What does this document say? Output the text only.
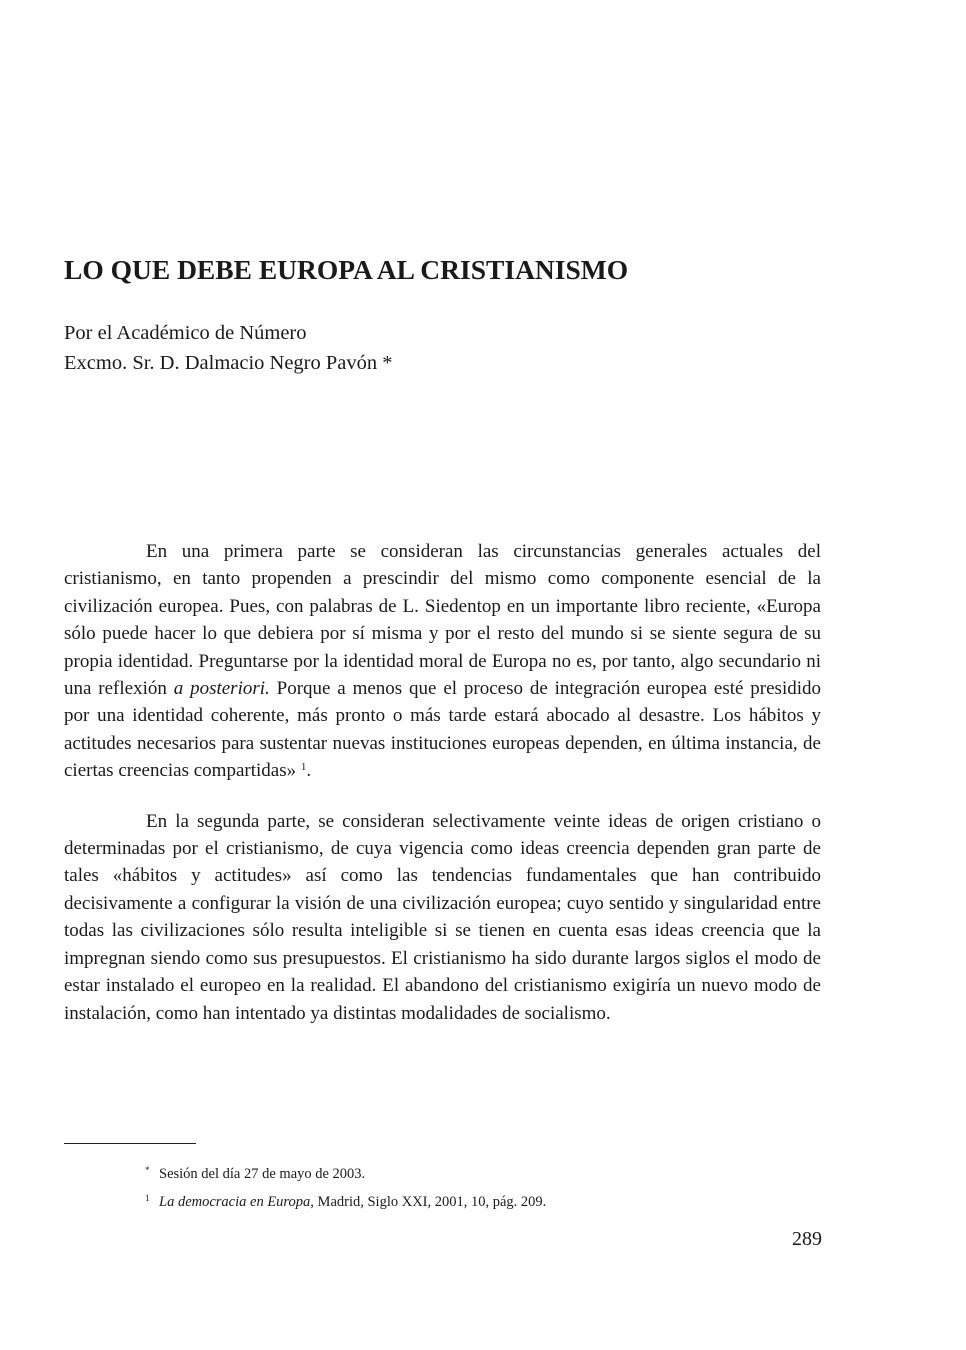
LO QUE DEBE EUROPA AL CRISTIANISMO
Por el Académico de Número
Excmo. Sr. D. Dalmacio Negro Pavón *

En una primera parte se consideran las circunstancias generales actuales del cristianismo, en tanto propenden a prescindir del mismo como componente esencial de la civilización europea. Pues, con palabras de L. Siedentop en un importante libro reciente, «Europa sólo puede hacer lo que debiera por sí misma y por el resto del mundo si se siente segura de su propia identidad. Preguntarse por la identidad moral de Europa no es, por tanto, algo secundario ni una reflexión a posteriori. Porque a menos que el proceso de integración europea esté presidido por una identidad coherente, más pronto o más tarde estará abocado al desastre. Los hábitos y actitudes necesarios para sustentar nuevas instituciones europeas dependen, en última instancia, de ciertas creencias compartidas» $^1$.

En la segunda parte, se consideran selectivamente veinte ideas de origen cristiano o determinadas por el cristianismo, de cuya vigencia como ideas creencia dependen gran parte de tales «hábitos y actitudes» así como las tendencias fundamentales que han contribuido decisivamente a configurar la visión de una civilización europea; cuyo sentido y singularidad entre todas las civilizaciones sólo resulta inteligible si se tienen en cuenta esas ideas creencia que la impregnan siendo como sus presupuestos. El cristianismo ha sido durante largos siglos el modo de estar instalado el europeo en la realidad. El abandono del cristianismo exigiría un nuevo modo de instalación, como han intentado ya distintas modalidades de socialismo.

* Sesión del día 27 de mayo de 2003.
1 La democracia en Europa, Madrid, Siglo XXI, 2001, 10, pág. 209.
289
